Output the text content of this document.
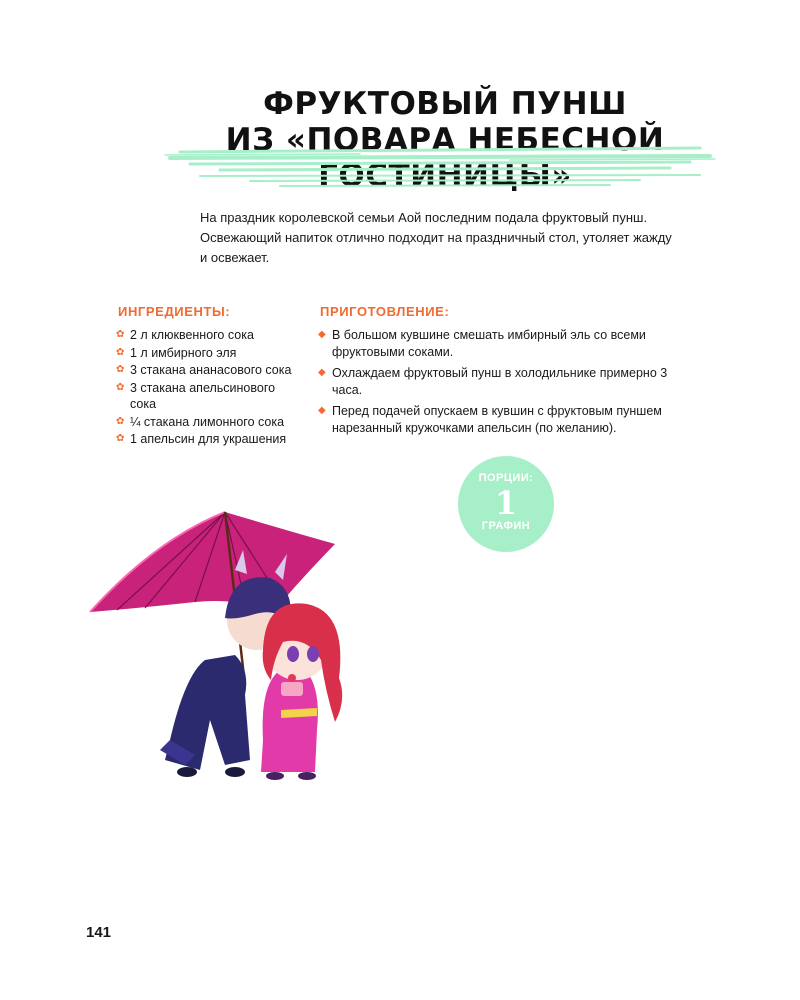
ФРУКТОВЫЙ ПУНШ
ИЗ «ПОВАРА НЕБЕСНОЙ ГОСТИНИЦЫ»

На праздник королевской семьи Аой последним подала фруктовый пунш. Освежающий напиток отлично подходит на праздничный стол, утоляет жажду и освежает.

ИНГРЕДИЕНТЫ:
✿ 2 л клюквенного сока
✿ 1 л имбирного эля
✿ 3 стакана ананасового сока
✿ 3 стакана апельсинового сока
✿ ¼ стакана лимонного сока
✿ 1 апельсин для украшения
ПРИГОТОВЛЕНИЕ:
◆ В большом кувшине смешать имбирный эль со всеми фруктовыми соками.
◆ Охлаждаем фруктовый пунш в холодильнике примерно 3 часа.
◆ Перед подачей опускаем в кувшин с фруктовым пуншем нарезанный кружочками апельсин (по желанию).
ПОРЦИИ:
1
ГРАФИН

141
